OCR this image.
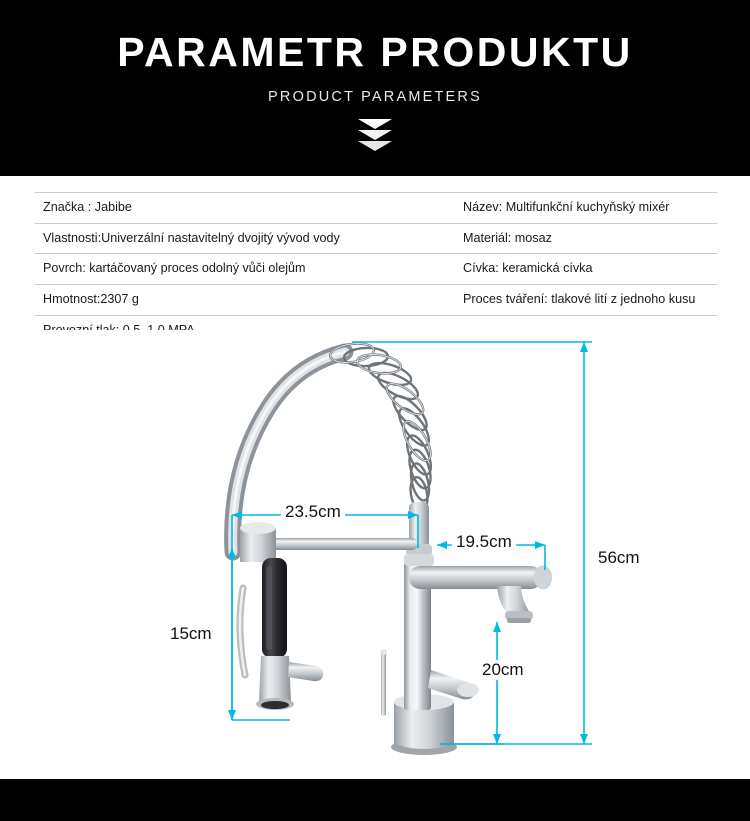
PARAMETR PRODUKTU
PRODUCT PARAMETERS
Značka : Jabibe	Název: Multifunkční kuchyňský mixér
Vlastnosti:Univerzální nastavitelný dvojitý vývod vody	Materiál: mosaz
Povrch: kartáčovaný proces odolný vůči olejům	Cívka: keramická cívka
Hmotnost:2307 g	Proces tváření: tlakové lití z jednoho kusu
56cm
23.5cm
19.5cm
15cm
20cm
